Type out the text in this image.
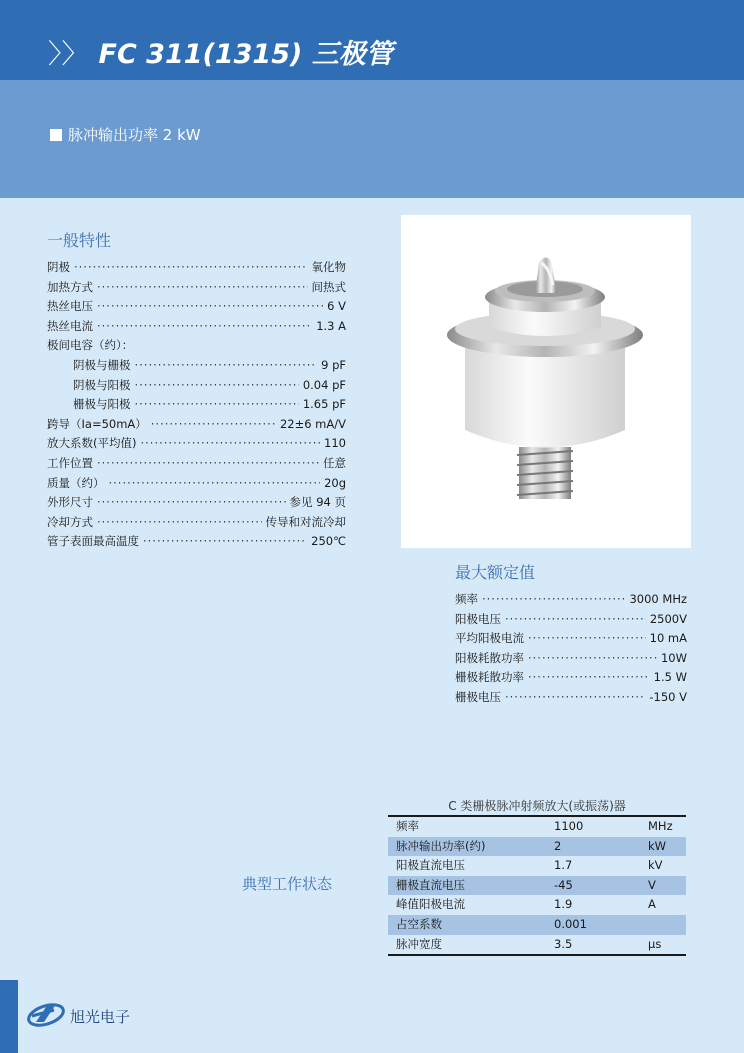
〉〉 FC 311(1315) 三极管
脉冲输出功率 2 kW
一般特性
阴极 ·····	氧化物
加热方式 ·····	间热式
热丝电压 ·····	6 V
热丝电流 ·····	1.3 A
极间电容（约）：
阴极与栅极 ·····	9 pF
阴极与阳极 ·····	0.04 pF
栅极与阳极 ·····	1.65 pF
跨导（Ia=50mA） ·····	22±6 mA/V
放大系数(平均值) ·····	110
工作位置 ·····	任意
质量（约） ·····	20g
外形尺寸 ·····	参见 94 页
冷却方式 ·····	传导和对流冷却
管子表面最高温度 ·····	250℃
最大额定值
频率 ·····	3000 MHz
阳极电压 ·····	2500V
平均阳极电流 ·····	10 mA
阳极耗散功率 ·····	10W
栅极耗散功率 ·····	1.5 W
栅极电压 ·····	-150 V
典型工作状态
C 类栅极脉冲射频放大(或振荡)器
频率	1100	MHz
脉冲输出功率(约)	2	kW
阳极直流电压	1.7	kV
栅极直流电压	-45	V
峰值阳极电流	1.9	A
占空系数	0.001
脉冲宽度	3.5	μs
旭光电子
